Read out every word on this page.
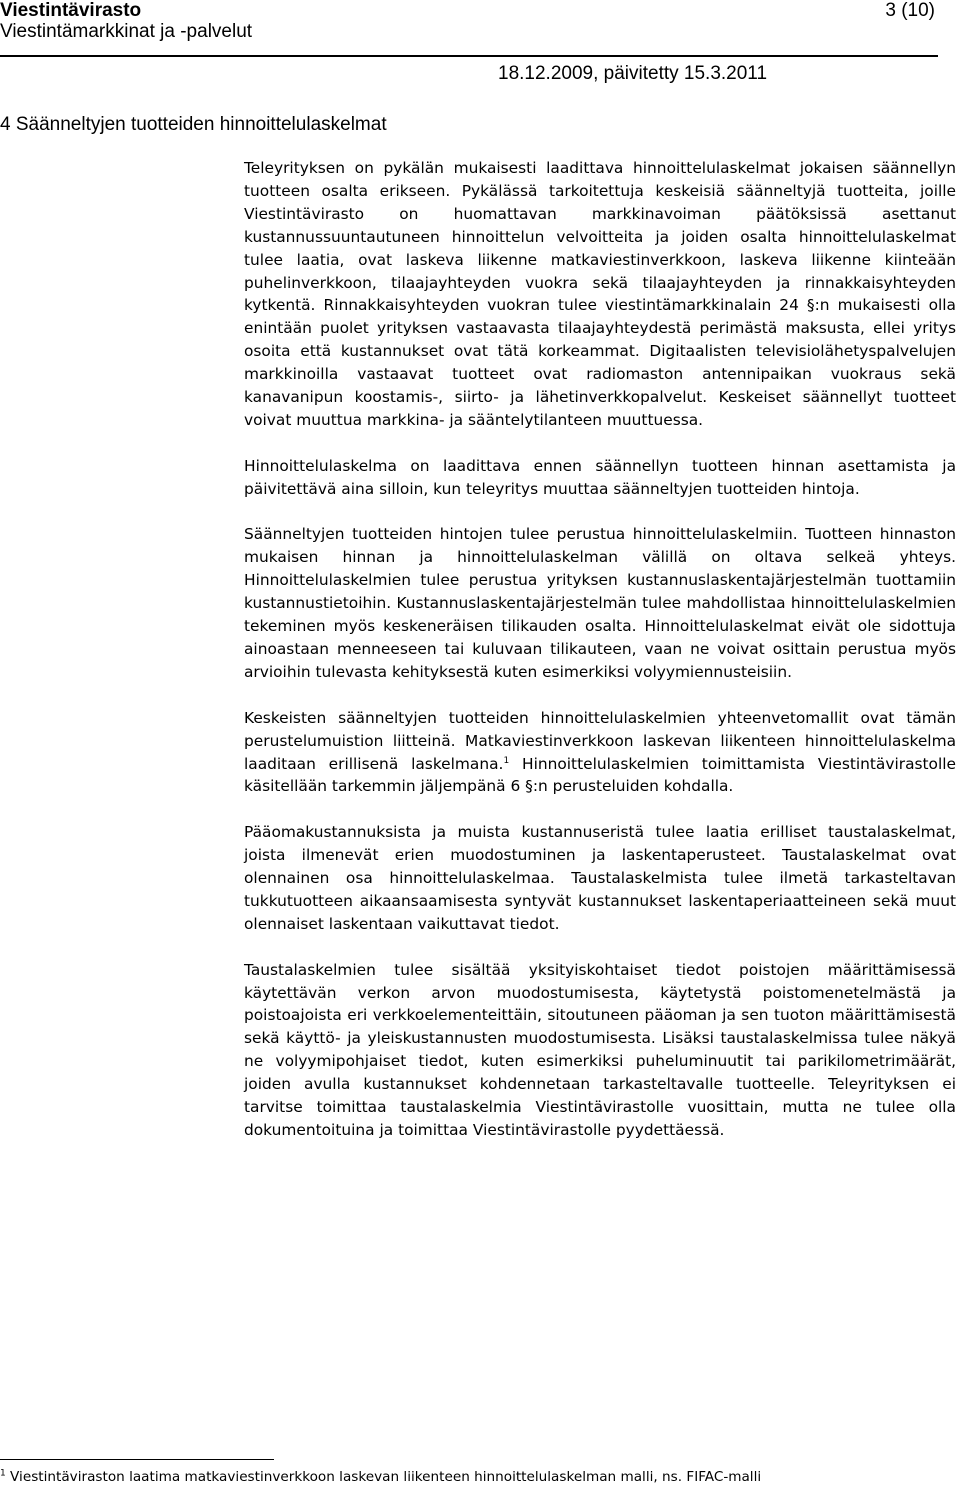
Viestintävirasto
Viestintämarkkinat ja -palvelut
3 (10)
18.12.2009, päivitetty 15.3.2011
4 Säänneltyjen tuotteiden hinnoittelulaskelmat

Teleyrityksen on pykälän mukaisesti laadittava hinnoittelulaskelmat jokaisen säännellyn tuotteen osalta erikseen. Pykälässä tarkoitettuja keskeisiä säänneltyjä tuotteita, joille Viestintävirasto on huomattavan markkinavoiman päätöksissä asettanut kustannussuuntautuneen hinnoittelun velvoitteita ja joiden osalta hinnoittelulaskelmat tulee laatia, ovat laskeva liikenne matkaviestinverkkoon, laskeva liikenne kiinteään puhelinverkkoon, tilaajayhteyden vuokra sekä tilaajayhteyden ja rinnakkaisyhteyden kytkentä. Rinnakkaisyhteyden vuokran tulee viestintämarkkinalain 24 §:n mukaisesti olla enintään puolet yrityksen vastaavasta tilaajayhteydestä perimästä maksusta, ellei yritys osoita että kustannukset ovat tätä korkeammat. Digitaalisten televisiolähetyspalvelujen markkinoilla vastaavat tuotteet ovat radiomaston antennipaikan vuokraus sekä kanavanipun koostamis-, siirto- ja lähetinverkkopalvelut. Keskeiset säännellyt tuotteet voivat muuttua markkina- ja sääntelytilanteen muuttuessa.

Hinnoittelulaskelma on laadittava ennen säännellyn tuotteen hinnan asettamista ja päivitettävä aina silloin, kun teleyritys muuttaa säänneltyjen tuotteiden hintoja.

Säänneltyjen tuotteiden hintojen tulee perustua hinnoittelulaskelmiin. Tuotteen hinnaston mukaisen hinnan ja hinnoittelulaskelman välillä on oltava selkeä yhteys. Hinnoittelulaskelmien tulee perustua yrityksen kustannuslaskentajärjestelmän tuottamiin kustannustietoihin. Kustannuslaskentajärjestelmän tulee mahdollistaa hinnoittelulaskelmien tekeminen myös keskeneräisen tilikauden osalta. Hinnoittelulaskelmat eivät ole sidottuja ainoastaan menneeseen tai kuluvaan tilikauteen, vaan ne voivat osittain perustua myös arvioihin tulevasta kehityksestä kuten esimerkiksi volyymiennusteisiin.

Keskeisten säänneltyjen tuotteiden hinnoittelulaskelmien yhteenvetomallit ovat tämän perustelumuistion liitteinä. Matkaviestinverkkoon laskevan liikenteen hinnoittelulaskelma laaditaan erillisenä laskelmana.$^1$ Hinnoittelulaskelmien toimittamista Viestintävirastolle käsitellään tarkemmin jäljempänä 6 §:n perusteluiden kohdalla.

Pääomakustannuksista ja muista kustannuseristä tulee laatia erilliset taustalaskelmat, joista ilmenevät erien muodostuminen ja laskentaperusteet. Taustalaskelmat ovat olennainen osa hinnoittelulaskelmaa. Taustalaskelmista tulee ilmetä tarkasteltavan tukkutuotteen aikaansaamisesta syntyvät kustannukset laskentaperiaatteineen sekä muut olennaiset laskentaan vaikuttavat tiedot.

Taustalaskelmien tulee sisältää yksityiskohtaiset tiedot poistojen määrittämisessä käytettävän verkon arvon muodostumisesta, käytetystä poistomenetelmästä ja poistoajoista eri verkkoelementeittäin, sitoutuneen pääoman ja sen tuoton määrittämisestä sekä käyttö- ja yleiskustannusten muodostumisesta. Lisäksi taustalaskelmissa tulee näkyä ne volyymipohjaiset tiedot, kuten esimerkiksi puheluminuutit tai parikilometrimäärät, joiden avulla kustannukset kohdennetaan tarkasteltavalle tuotteelle. Teleyrityksen ei tarvitse toimittaa taustalaskelmia Viestintävirastolle vuosittain, mutta ne tulee olla dokumentoituina ja toimittaa Viestintävirastolle pyydettäessä.

$^1$ Viestintäviraston laatima matkaviestinverkkoon laskevan liikenteen hinnoittelulaskelman malli, ns. FIFAC-malli
